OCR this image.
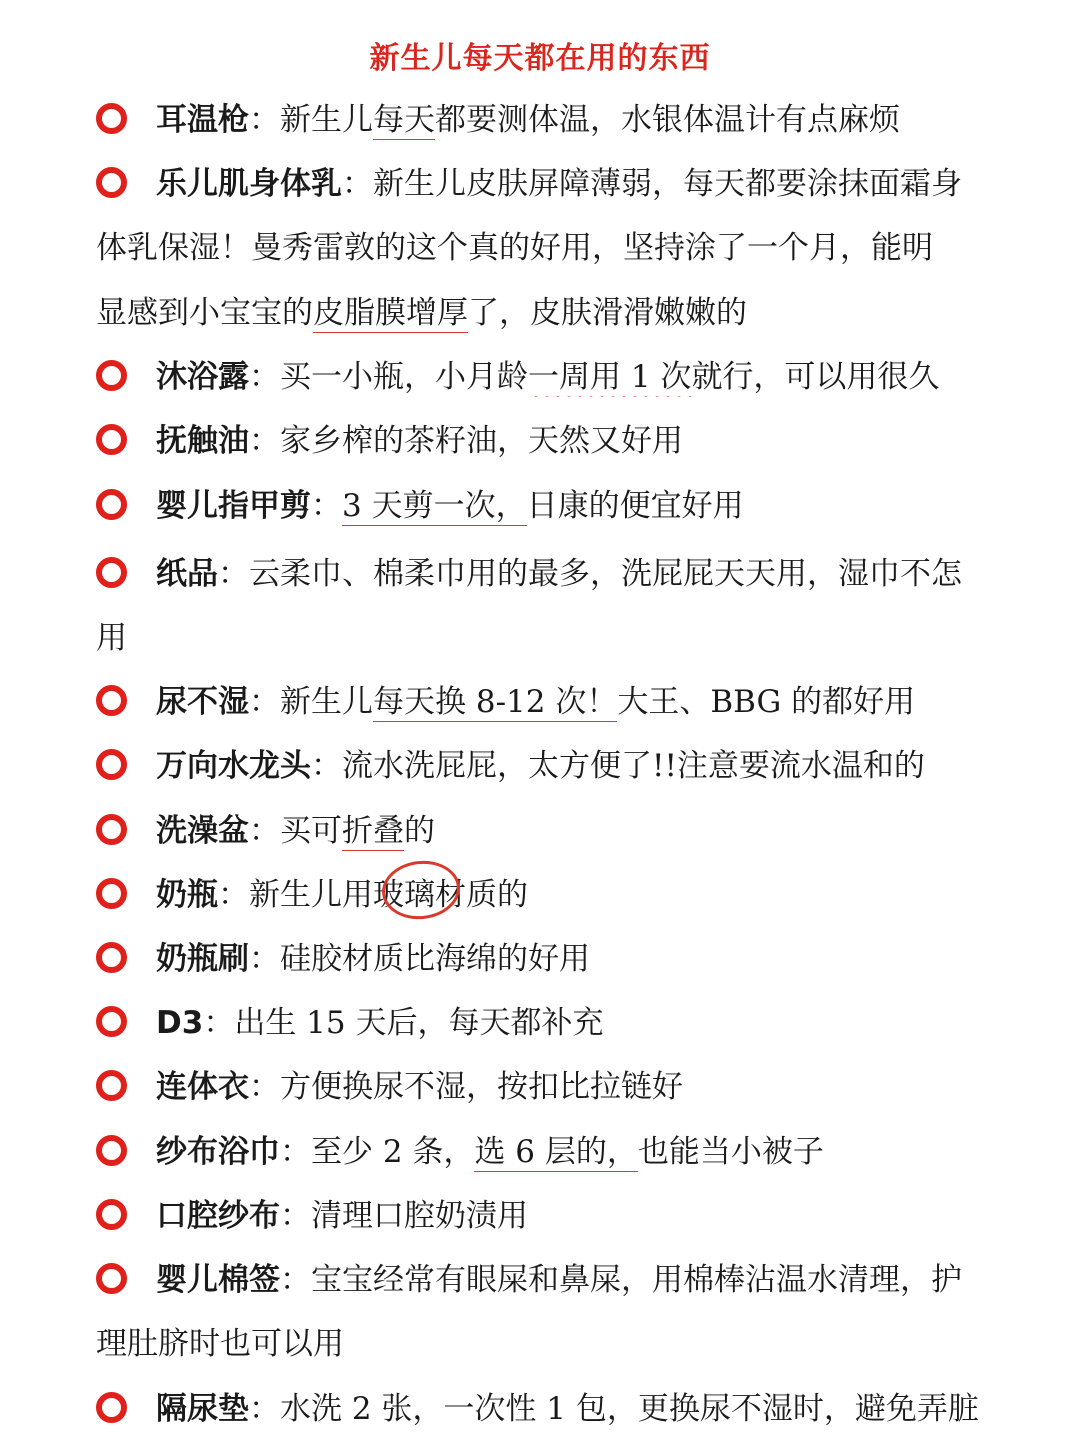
新生儿每天都在用的东西
耳温枪：新生儿每天都要测体温，水银体温计有点麻烦
乐儿肌身体乳：新生儿皮肤屏障薄弱，每天都要涂抹面霜身
体乳保湿！曼秀雷敦的这个真的好用，坚持涂了一个月，能明
显感到小宝宝的皮脂膜增厚了，皮肤滑滑嫩嫩的
沐浴露：买一小瓶，小月龄一周用 1 次就行，可以用很久
抚触油：家乡榨的茶籽油，天然又好用
婴儿指甲剪：3 天剪一次，日康的便宜好用
纸品：云柔巾、棉柔巾用的最多，洗屁屁天天用，湿巾不怎
用
尿不湿：新生儿每天换 8-12 次！大王、BBG 的都好用
万向水龙头：流水洗屁屁，太方便了!!注意要流水温和的
洗澡盆：买可折叠的
奶瓶：新生儿用玻璃材质的
奶瓶刷：硅胶材质比海绵的好用
D3：出生 15 天后，每天都补充
连体衣：方便换尿不湿，按扣比拉链好
纱布浴巾：至少 2 条，选 6 层的，也能当小被子
口腔纱布：清理口腔奶渍用
婴儿棉签：宝宝经常有眼屎和鼻屎，用棉棒沾温水清理，护
理肚脐时也可以用
隔尿垫：水洗 2 张，一次性 1 包，更换尿不湿时，避免弄脏
